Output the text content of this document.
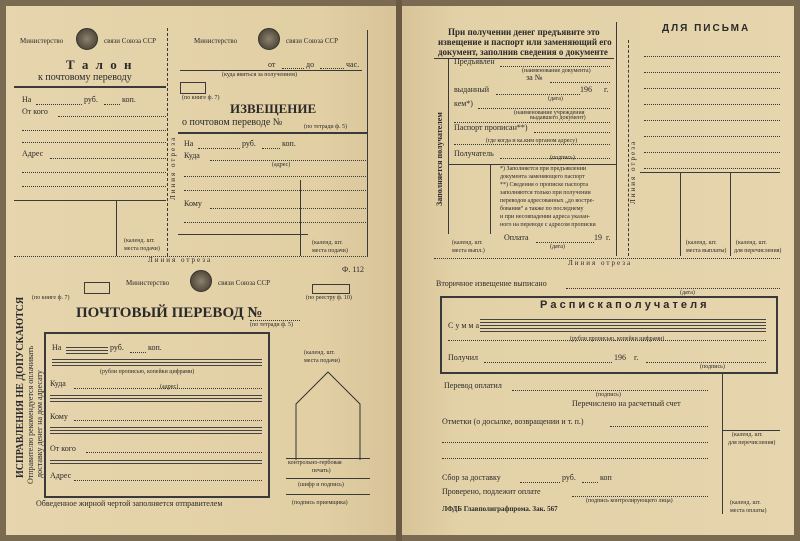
Министерство	связи Союза ССР
Т а л о н
к почтовому переводу
На	руб.	коп.
От кого
Адрес
(календ. шт.
места подачи)
Линия отреза
Министерство	связи Союза ССР
от	до	час.
(куда явиться за получением)
(по книге ф. 7)
ИЗВЕЩЕНИЕ
о почтовом переводе №	(по тетради ф. 5)
На	руб.	коп.
Куда
(адрес)
Кому
(календ. шт.
места подачи)
Линия отреза
Министерство	связи Союза ССР
Ф. 112
(по книге ф. 7)	(по реестру ф. 10)
ПОЧТОВЫЙ ПЕРЕВОД №
(по тетради ф. 5)
На	руб.	коп.
(рубли прописью, копейки цифрами)
Куда	(адрес)
Кому
От кого
Адрес
Обведенное жирной чертой заполняется отправителем
ИСПРАВЛЕНИЯ НЕ ДОПУСКАЮТСЯ Отправителю рекомендуется оплачивать доставку денег на дом адресату
(календ. шт.
места подачи)
контрольно-гербовая
печать)
(шифр и подпись)
(подпись приемщика)
При получении денег предъявите это
извещение и паспорт или заменяющий его
документ, заполнив сведения о документе
ДЛЯ ПИСЬМА
Заполняется получателем
Предъявлен
(наименование документа)
за №
выданный	196 г.
(дата)
кем*)
(наименование учреждения
выдавшего документ)
Паспорт прописан**)
(где когда и ка.ким органом адресу)
Получатель	(подпись)
*) Заполняется при предъявлении
документа заменяющего паспорт
**) Сведения о прописке паспорта
заполняются только при получении
переводов адресованных „до востре-
бования“ а также по последнему
и при несовпадении адреса указан-
ного на переводе с адресом прописки
Оплата	19 г.
(дата)
(календ. шт.
места выпл.)
Линия отреза
(календ. шт.
места выплаты)
(календ. шт.
для перечисления)
Линия отреза
Вторичное извещение выписано
(дата)
Р а с п и с к а п о л у ч а т е л я
С у м м а
(рубли прописью, копейки цифрами)
Получил	196 г.
(подпись)
Перевод оплатил
(подпись)
Перечислено на расчетный счет
Отметки (о досылке, возвращении и т. п.)
(календ. шт.
для перечисления)
Сбор за доставку	руб.	коп
Проверено, подлежит оплате
(подпись контролирующего лица)
ЛФДБ Главполиграфпрома. Зак. 567
(календ. шт.
места оплаты)
